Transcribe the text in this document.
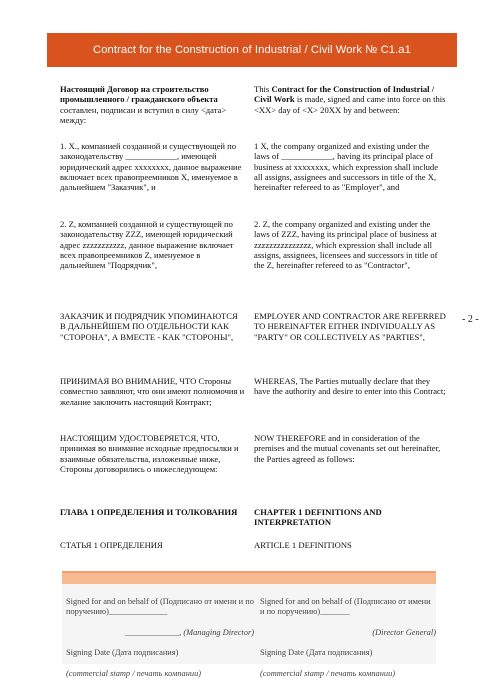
Contract for the Construction of Industrial / Civil Work № C1.a1
- 2 -
Настоящий Договор на строительство промышленного / гражданского объекта составлен, подписан и вступил в силу <дата> между:
This Contract for the Construction of Industrial / Civil Work is made, signed and came into force on this <XX> day of <X> 20XX by and between:
1. X., компанией созданной и существующей по законодательству ____________, имеющей юридический адрес xxxxxxxx, данное выражение включает всех правопреемников X, именуемое в дальнейшем "Заказчик", и
1 X, the company organized and existing under the laws of ____________, having its principal place of business at xxxxxxxx, which expression shall include all assigns, assignees and successors in title of the X, hereinafter refereed to as "Employer", and
2. Z, компанией созданной и существующей по законодательству ZZZ, имеющей юридический адрес zzzzzzzzzzz, данное выражение включает всех правопреемников Z, именуемое в дальнейшем "Подрядчик",
2. Z, the company organized and existing under the laws of ZZZ, having its principal place of business at zzzzzzzzzzzzzzz, which expression shall include all assigns, assignees, licensees and successors in title of the Z, hereinafter refereed to as "Contractor",
ЗАКАЗЧИК И ПОДРЯДЧИК УПОМИНАЮТСЯ В ДАЛЬНЕЙШЕМ ПО ОТДЕЛЬНОСТИ КАК "СТОРОНА", А ВМЕСТЕ - КАК "СТОРОНЫ",
EMPLOYER AND CONTRACTOR ARE REFERRED TO HEREINAFTER EITHER INDIVIDUALLY AS "PARTY" OR COLLECTIVELY AS "PARTIES",
ПРИНИМАЯ ВО ВНИМАНИЕ, ЧТО Стороны совместно заявляют, что они имеют полномочия и желание заключить настоящий Контракт;
WHEREAS, The Parties mutually declare that they have the authority and desire to enter into this Contract;
НАСТОЯЩИМ УДОСТОВЕРЯЕТСЯ, ЧТО, принимая во внимание исходные предпосылки и взаимные обязательства, изложенные ниже, Стороны договорились о нижеследующем:
NOW THEREFORE and in consideration of the premises and the mutual covenants set out hereinafter, the Parties agreed as follows:
ГЛАВА 1 ОПРЕДЕЛЕНИЯ И ТОЛКОВАНИЯ	CHAPTER 1 DEFINITIONS AND INTERPRETATION
СТАТЬЯ 1 ОПРЕДЕЛЕНИЯ	ARTICLE 1 DEFINITIONS

Signed for and on behalf of (Подписано от имени и по поручению)______________

_____________, (Managing Director)

Signing Date (Дата подписания)

(commercial stamp / печать компании)

Signed for and on behalf of (Подписано от имени и по поручению)_______

(Director General)

Signing Date (Дата подписания)

(commercial stamp / печать компании)
